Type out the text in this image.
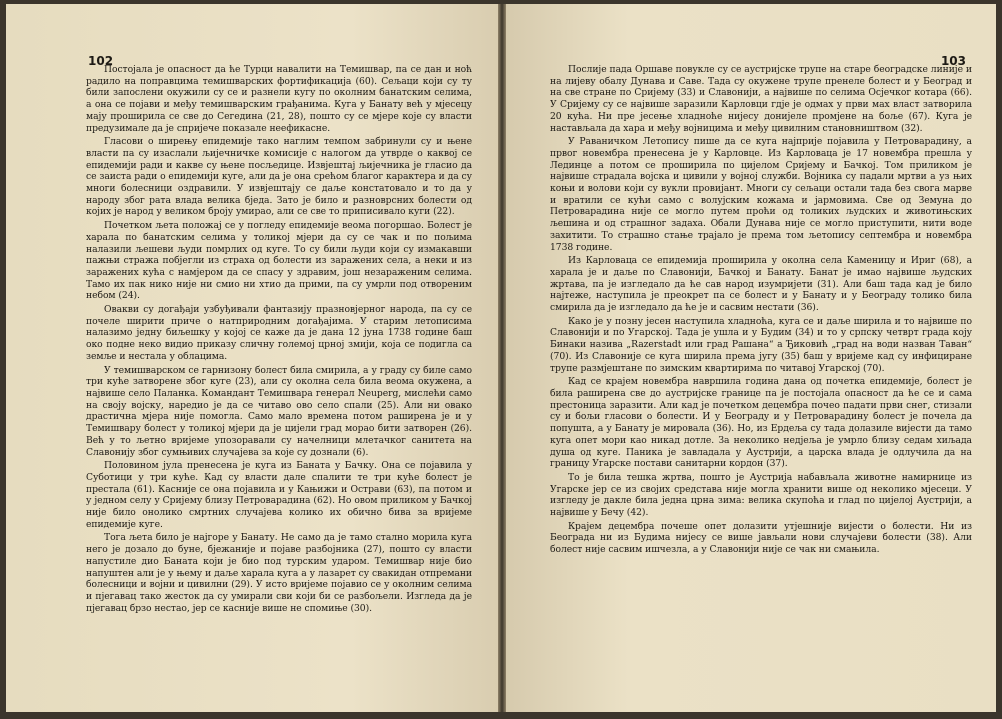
102

Постојала је опасност да ће Турци навалити на Темишвар, па се дан и ноћ радило на поправцима темишварских фортификација (60). Сељаци који су ту били запослени окужили су се и разнели кугу по околним банатским селима, а она се појави и међу темишварским грађанима. Куга у Банату већ у мјесецу мају проширила се све до Сегедина (21, 28), пошто су се мјере које су власти предузимале да је спријече показале неефикасне.

Гласови о ширењу епидемије тако наглим темпом забринули су и њене власти па су изаслали љијечничке комисије с налогом да утврде о каквој се епидемији ради и какве су њене посљедице. Извјештај љијечника је гласио да се заиста ради о епидемији куге, али да је она срећом благог карактера и да су многи болесници оздравили. У извјештају се даље констатовало и то да у народу због рата влада велика бједа. Зато је било и разноврсних болести од којих је народ у великом броју умирао, али се све то приписивало куги (22).

Почетком љета положај се у погледу епидемије веома погоршао. Болест је харала по банатским селима у толикој мјери да су се чак и по пољима налазили љешеви људи помрлих од куге. То су били људи који су измакавши пажњи стража побјегли из страха од болести из заражених села, а неки и из заражених кућа с намјером да се спасу у здравим, још незараженим селима. Тамо их пак нико није ни смио ни хтио да прими, па су умрли под отвореним небом (24).

Овакви су догађаји узбуђивали фантазију празновјерног народа, па су се почеле ширити приче о натприродним догађајима. У старим летописима налазимо једну биљешку у којој се каже да је дана 12 јуна 1738 године баш око подне неко видио приказу сличну големој црној змији, која се подигла са земље и нестала у облацима.

У темишварском се гарнизону болест била смирила, а у граду су биле само три куће затворене због куге (23), али су околна села била веома окужена, а највише село Паланка. Командант Темишвара генерал Neuperg, мислећи само на своју војску, наредио је да се читаво ово село спали (25). Али ни овако драстична мјера није помогла. Само мало времена потом раширена је и у Темишвару болест у толикој мјери да је цијели град морао бити затворен (26). Већ у то љетно вријеме упозоравали су начелници млетачког санитета на Славонију због сумњивих случајева за које су дознали (6).

Половином јула пренесена је куга из Баната у Бачку. Она се појавила у Суботици у три куће. Кад су власти дале спалити те три куће болест је престала (61). Касније се она појавила и у Кањижи и Острави (63), па потом и у једном селу у Сријему близу Петроварадина (62). Но овом приликом у Бачкој није било онолико смртних случајева колико их обично бива за вријеме епидемије куге.

Тога љета било је најгоре у Банату. Не само да је тамо стално морила куга него је дозало до буне, бјежаније и појаве разбојника (27), пошто су власти напустиле дио Баната који је био под турским ударом. Темишвар није био напуштен али је у њему и даље харала куга а у лазарет су свакидан отпремани болесници и војни и цивилни (29). У исто вријеме појавио се у околним селима и пјегавац тако жесток да су умирали сви који би се разбољели. Изгледа да је пјегавац брзо нестао, јер се касније више не спомиње (30).

103

Послије пада Оршаве повукле су се аустријске трупе на старе београдске линије и на лијеву обалу Дунава и Саве. Тада су окужене трупе пренеле болест и у Београд и на све стране по Сријему (33) и Славонији, а највише по селима Осјечког котара (66). У Сријему су се највише заразили Карловци гдје је одмах у први мах власт затворила 20 кућа. Ни пре јесење хладноће нијесу донијеле промјене на боље (67). Куга је настављала да хара и међу војницима и међу цивилним становништвом (32).

У Раваничком Летопису пише да се куга најприје појавила у Петроварадину, а првог новембра пренесена је у Карловце. Из Карловаца је 17 новембра прешла у Лединце а потом се проширила по цијелом Сријему и Бачкој. Том приликом је највише страдала војска и цивили у војној служби. Војника су падали мртви а уз њих коњи и волови који су вукли провијант. Многи су сељаци остали тада без свога марве и вратили се кући само с волујским кожама и јармовима. Све од Земуна до Петроварадина није се могло путем проћи од толиких људских и животињских љешина и од страшног задаха. Обали Дунава није се могло приступити, нити воде захитити. То страшно стање трајало је према том љетопису септембра и новембра 1738 године.

Из Карловаца се епидемија проширила у околна села Каменицу и Ириг (68), а харала је и даље по Славонији, Бачкој и Банату. Банат је имао највише људских жртава, па је изгледало да ће сав народ изумријети (31). Али баш тада кад је било најтеже, наступила је преокрет па се болест и у Банату и у Београду толико била смирила да је изгледало да ће је и сасвим нестати (36).

Како је у позну јесен наступила хладноћа, куга се и даље ширила и то највише по Славонији и по Угарској. Тада је ушла и у Будим (34) и то у српску четврт града коју Бинаки назива „Razerstadt или град Рашана“ а Ђиковић „град на води назван Таван“ (70). Из Славоније се куга ширила према југу (35) баш у вријеме кад су инфициране трупе размјештане по зимским квартирима по читавој Угарској (70).

Кад се крајем новембра навршила година дана од почетка епидемије, болест је била раширена све до аустријске границе па је постојала опасност да ће се и сама престоница заразити. Али кад је почетком децембра почео падати први снег, стизали су и бољи гласови о болести. И у Београду и у Петроварадину болест је почела да попушта, а у Банату је мировала (36). Но, из Ердеља су тада долазиле вијести да тамо куга опет мори као никад дотле. За неколико недјеља је умрло близу седам хиљада душа од куге. Паника је завладала у Аустрији, а царска влада је одлучила да на границу Угарске постави санитарни кордон (37).

То је била тешка жртва, пошто је Аустрија набављала животне намирнице из Угарске јер се из својих средстава није могла хранити више од неколико мјесеци. У изгледу је дакле била једна црна зима: велика скупоћа и глад по цијелој Аустрији, а највише у Бечу (42).

Крајем децембра почеше опет долазити утјешније вијести о болести. Ни из Београда ни из Будима нијесу се више јављали нови случајеви болести (38). Али болест није сасвим ишчезла, а у Славонији није се чак ни смањила.
